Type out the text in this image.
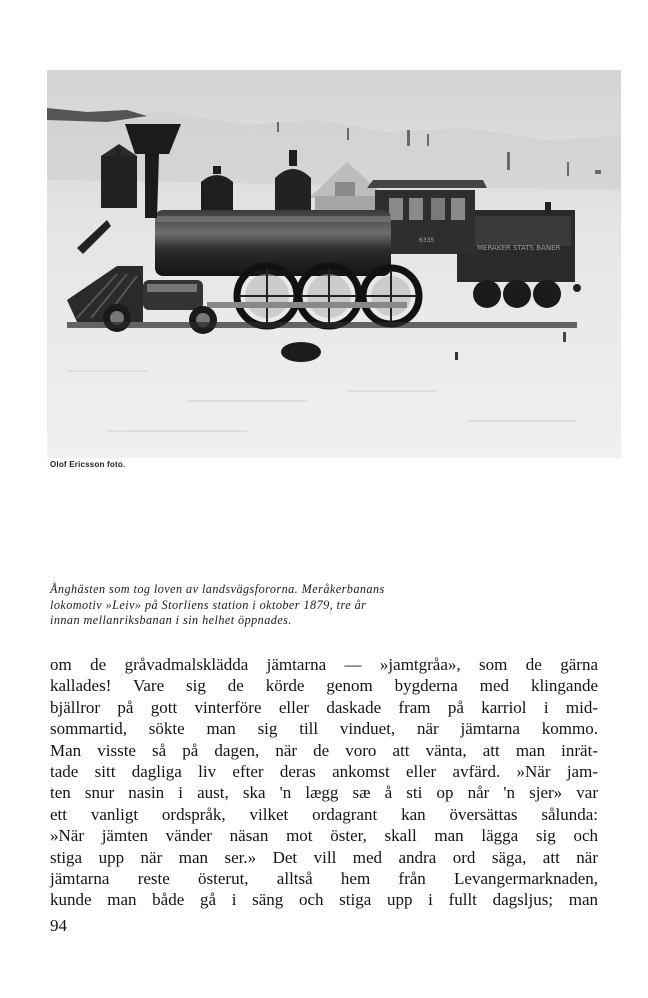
MERAKER STATS BANER
6335
Olof Ericsson foto.
Ånghästen som tog loven av landsvägsfororna. Meråkerbanans
lokomotiv »Leiv» på Storliens station i oktober 1879, tre år
innan mellanriksbanan i sin helhet öppnades.
om de gråvadmalsklädda jämtarna — »jamtgråa», som de gärna
kallades! Vare sig de körde genom bygderna med klingande
bjällror på gott vinterföre eller daskade fram på karriol i mid-
sommartid, sökte man sig till vinduet, när jämtarna kommo.
Man visste så på dagen, när de voro att vänta, att man inrät-
tade sitt dagliga liv efter deras ankomst eller avfärd. »När jam-
ten snur nasin i aust, ska 'n lægg sæ å sti op når 'n sjer» var
ett vanligt ordspråk, vilket ordagrant kan översättas sålunda:
»När jämten vänder näsan mot öster, skall man lägga sig och
stiga upp när man ser.» Det vill med andra ord säga, att när
jämtarna reste österut, alltså hem från Levangermarknaden,
kunde man både gå i säng och stiga upp i fullt dagsljus; man
94
